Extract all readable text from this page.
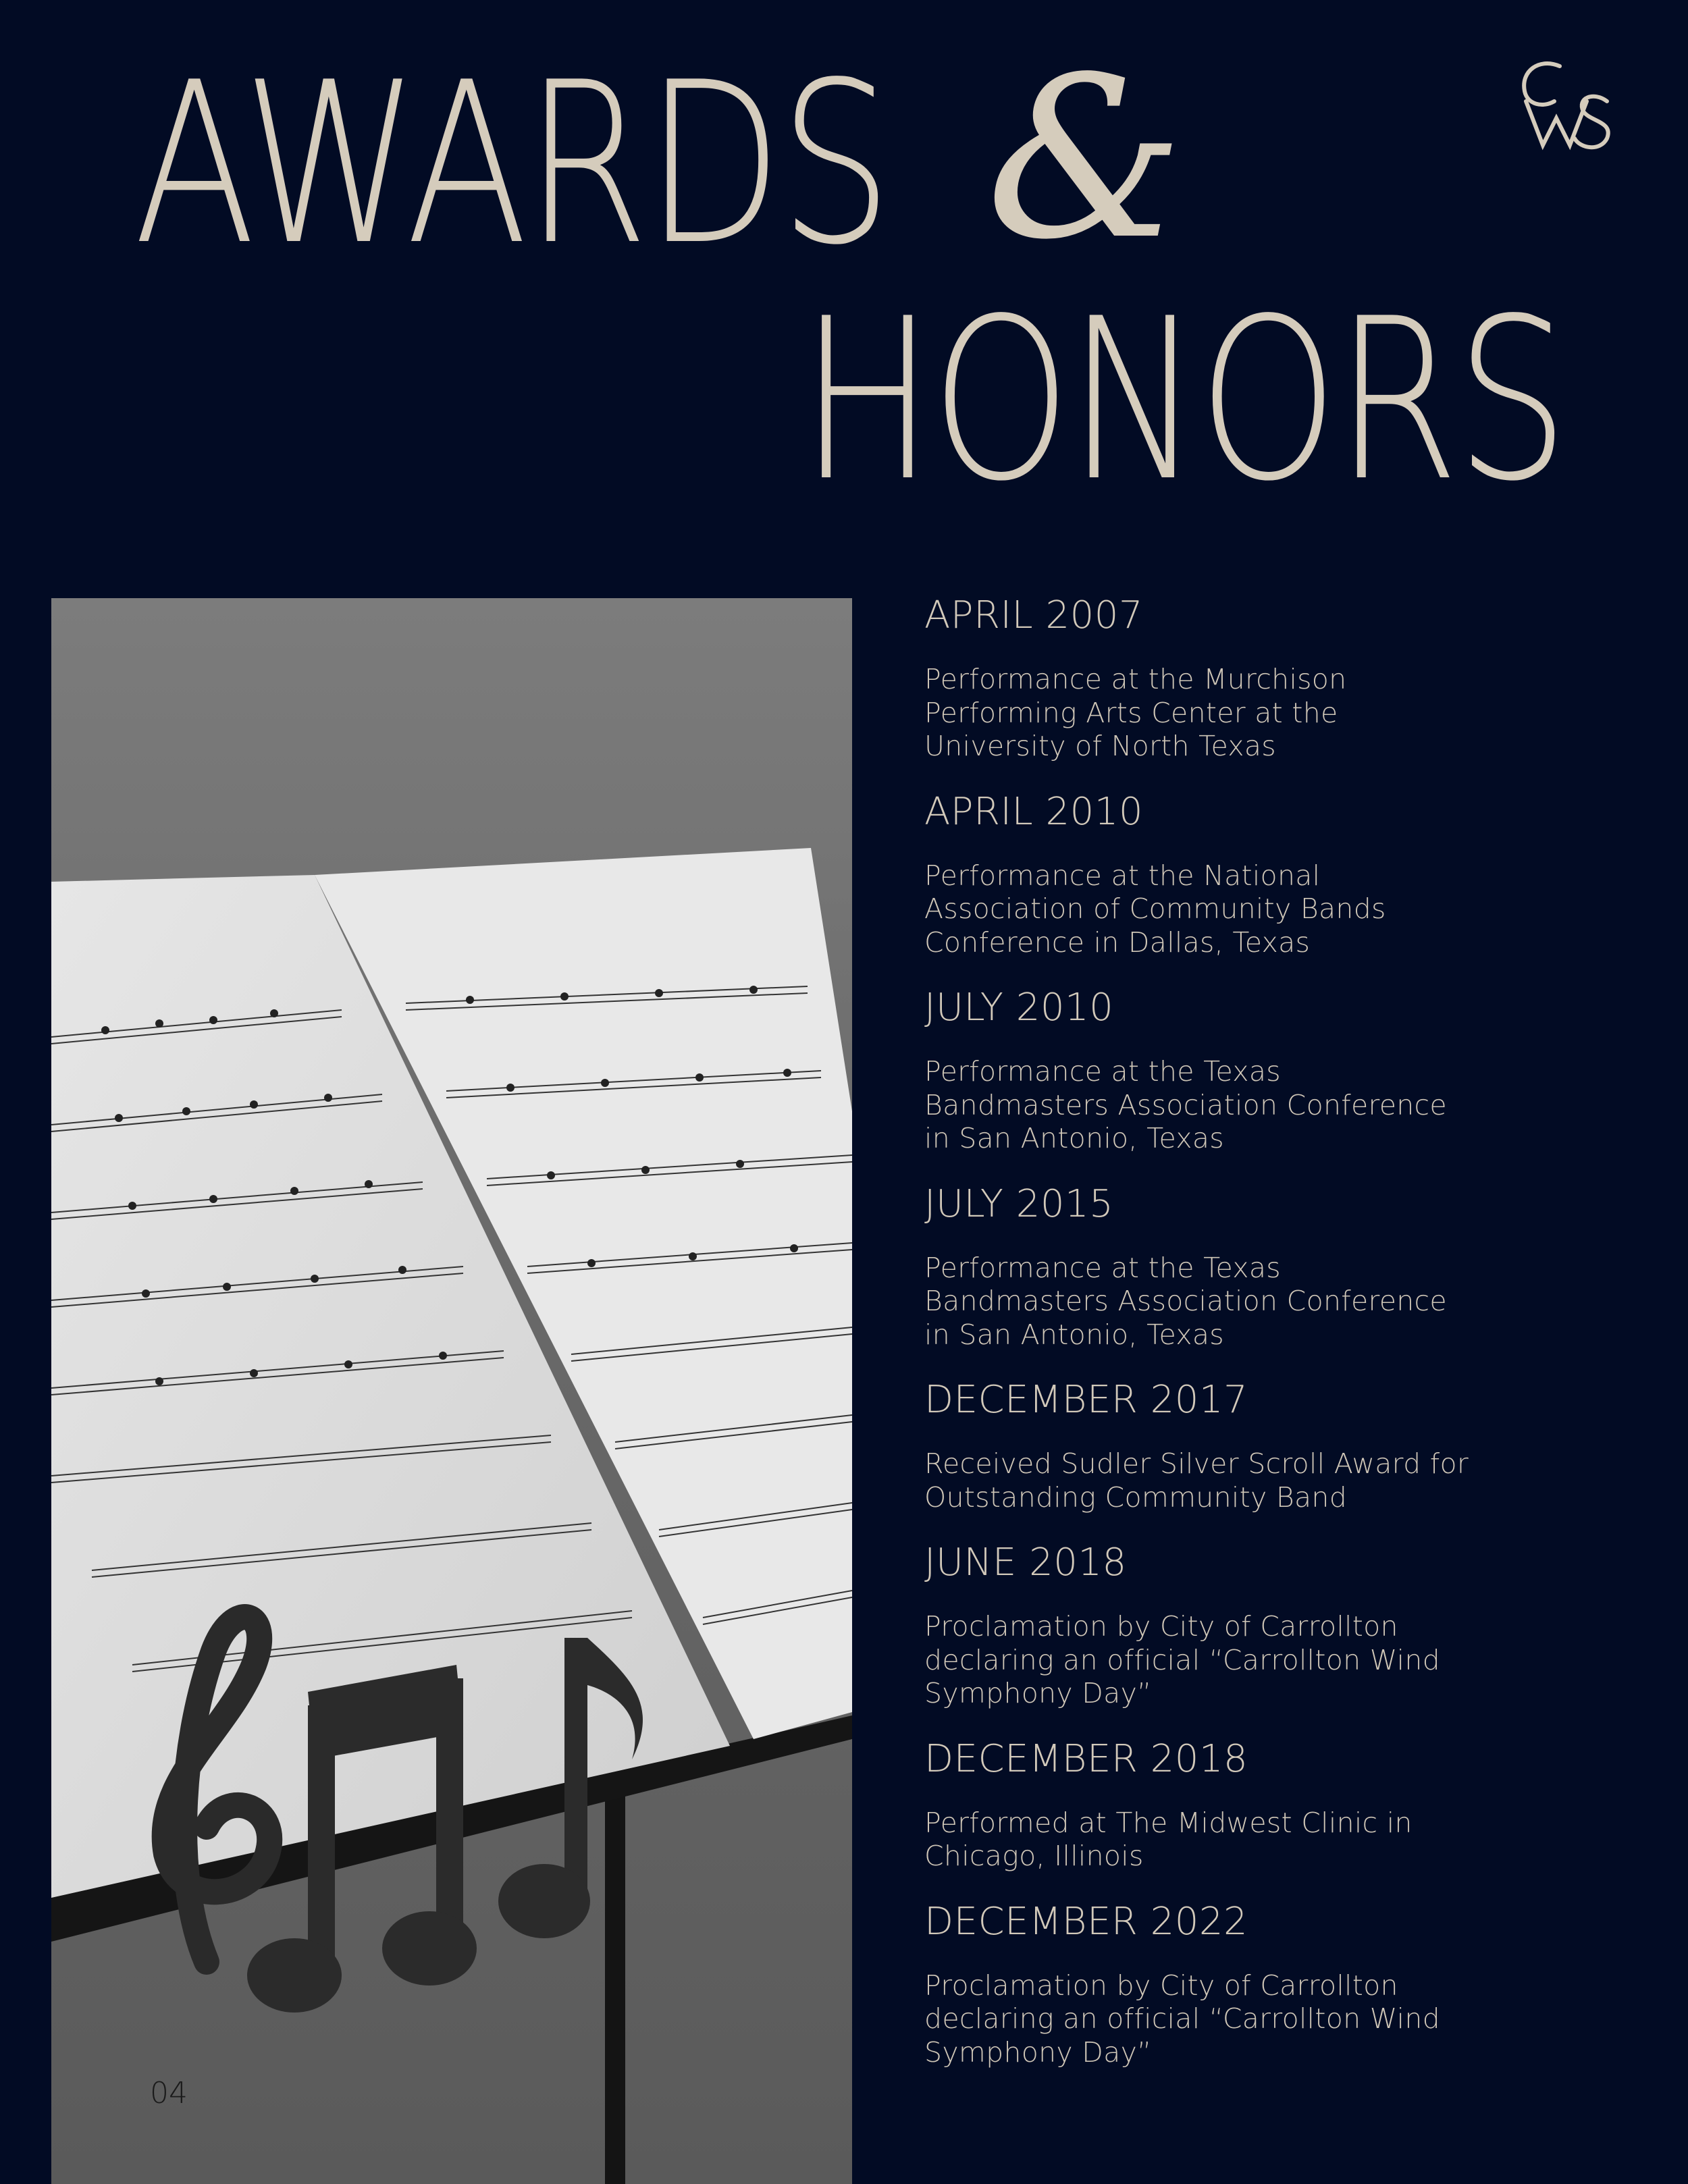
AWARDS &
HONORS
04
APRIL 2007

Performance at the Murchison
Performing Arts Center at the
University of North Texas

APRIL 2010

Performance at the National
Association of Community Bands
Conference in Dallas, Texas

JULY 2010

Performance at the Texas
Bandmasters Association Conference
in San Antonio, Texas

JULY 2015

Performance at the Texas
Bandmasters Association Conference
in San Antonio, Texas

DECEMBER 2017

Received Sudler Silver Scroll Award for
Outstanding Community Band

JUNE 2018

Proclamation by City of Carrollton
declaring an official “Carrollton Wind
Symphony Day”

DECEMBER 2018

Performed at The Midwest Clinic in
Chicago, Illinois

DECEMBER 2022

Proclamation by City of Carrollton
declaring an official “Carrollton Wind
Symphony Day”
